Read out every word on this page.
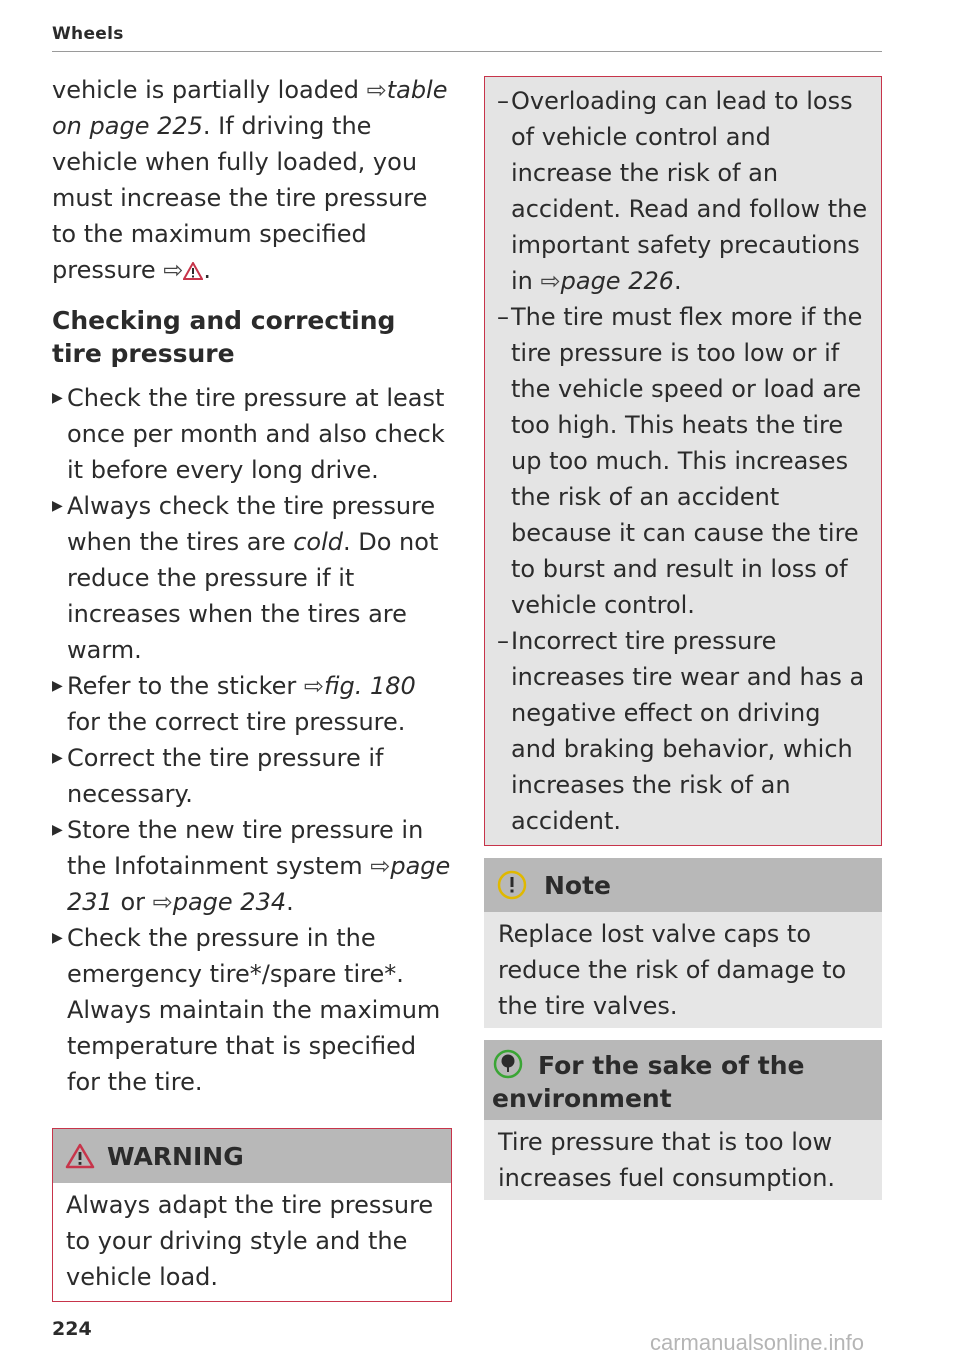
Wheels

vehicle is partially loaded ⇨table on page 225. If driving the vehicle when fully loaded, you must increase the tire pressure to the maximum specified pressure ⇨ .

Checking and correcting tire pressure
▶ Check the tire pressure at least once per month and also check it before every long drive.
▶ Always check the tire pressure when the tires are cold. Do not reduce the pressure if it increases when the tires are warm.
▶ Refer to the sticker ⇨fig. 180 for the correct tire pressure.
▶ Correct the tire pressure if necessary.
▶ Store the new tire pressure in the Infotainment system ⇨page 231 or ⇨page 234.
▶ Check the pressure in the emergency tire*/spare tire*. Always maintain the maximum temperature that is specified for the tire.
WARNING
Always adapt the tire pressure to your driving style and the vehicle load.
– Overloading can lead to loss of vehicle control and increase the risk of an accident. Read and follow the important safety precautions in ⇨page 226.
– The tire must flex more if the tire pressure is too low or if the vehicle speed or load are too high. This heats the tire up too much. This increases the risk of an accident because it can cause the tire to burst and result in loss of vehicle control.
– Incorrect tire pressure increases tire wear and has a negative effect on driving and braking behavior, which increases the risk of an accident.
Note
Replace lost valve caps to reduce the risk of damage to the tire valves.
For the sake of the environment
Tire pressure that is too low increases fuel consumption.
224
carmanualsonline.info
